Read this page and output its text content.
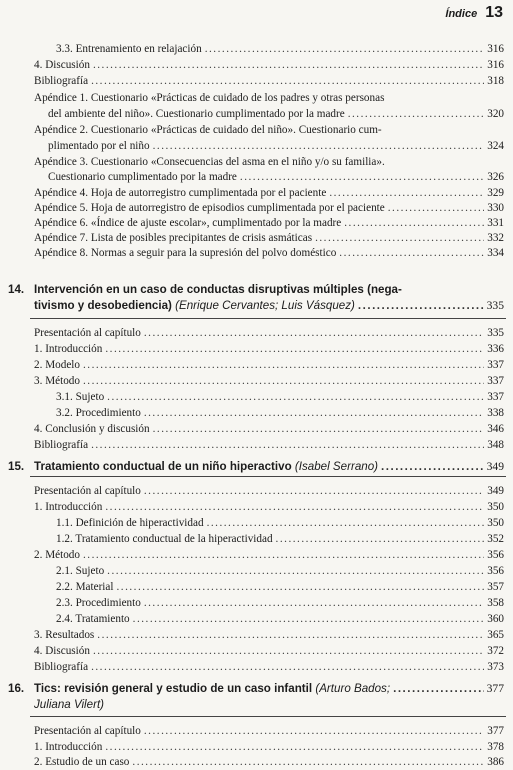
Índice 13
3.3. Entrenamiento en relajación .....	316
4. Discusión .....	316
Bibliografía .....	318
Apéndice 1. Cuestionario «Prácticas de cuidado de los padres y otras personas
del ambiente del niño». Cuestionario cumplimentado por la madre .....	320
Apéndice 2. Cuestionario «Prácticas de cuidado del niño». Cuestionario cum-
plimentado por el niño .....	324
Apéndice 3. Cuestionario «Consecuencias del asma en el niño y/o su familia».
Cuestionario cumplimentado por la madre .....	326
Apéndice 4. Hoja de autorregistro cumplimentada por el paciente .....	329
Apéndice 5. Hoja de autorregistro de episodios cumplimentada por el paciente .....	330
Apéndice 6. «Índice de ajuste escolar», cumplimentado por la madre .....	331
Apéndice 7. Lista de posibles precipitantes de crisis asmáticas .....	332
Apéndice 8. Normas a seguir para la supresión del polvo doméstico .....	334
Presentación al capítulo .....	335
1. Introducción .....	336
2. Modelo .....	337
3. Método .....	337
3.1. Sujeto .....	337
3.2. Procedimiento .....	338
4. Conclusión y discusión .....	346
Bibliografía .....	348
Presentación al capítulo .....	349
1. Introducción .....	350
1.1. Definición de hiperactividad .....	350
1.2. Tratamiento conductual de la hiperactividad .....	352
2. Método .....	356
2.1. Sujeto .....	356
2.2. Material .....	357
2.3. Procedimiento .....	358
2.4. Tratamiento .....	360
3. Resultados .....	365
4. Discusión .....	372
Bibliografía .....	373
Presentación al capítulo .....	377
1. Introducción .....	378
2. Estudio de un caso .....	386
14. Intervención en un caso de conductas disruptivas múltiples (nega-
tivismo y desobediencia) (Enrique Cervantes; Luis Vásquez) .....	335
15. Tratamiento conductual de un niño hiperactivo (Isabel Serrano) .....	349
16. Tics: revisión general y estudio de un caso infantil (Arturo Bados; .....	377
Juliana Vilert)
